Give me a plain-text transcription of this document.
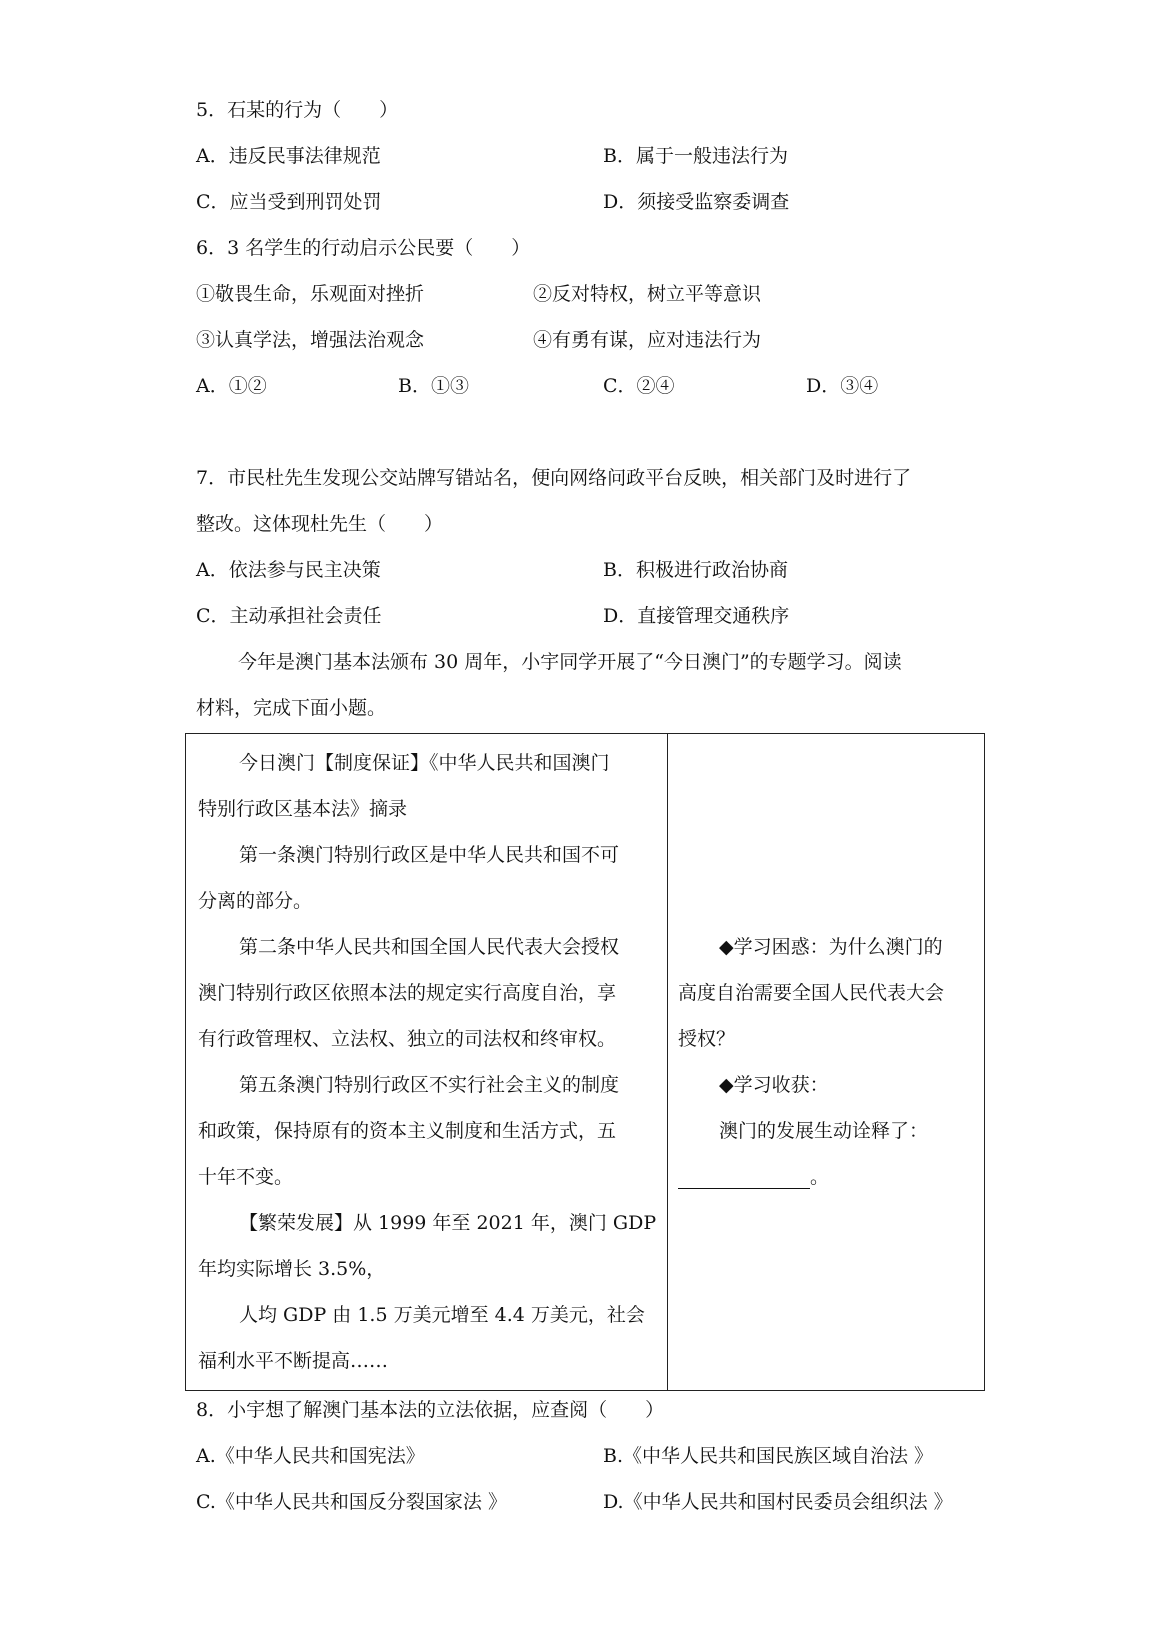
5．石某的行为（　　）
A．违反民事法律规范	B．属于一般违法行为
C．应当受到刑罚处罚	D．须接受监察委调查
6．3 名学生的行动启示公民要（　　）
①敬畏生命，乐观面对挫折	②反对特权，树立平等意识
③认真学法，增强法治观念	④有勇有谋，应对违法行为
A．①②	B．①③	C．②④	D．③④
7．市民杜先生发现公交站牌写错站名，便向网络问政平台反映，相关部门及时进行了
整改。这体现杜先生（　　）
A．依法参与民主决策	B．积极进行政治协商
C．主动承担社会责任	D．直接管理交通秩序
今年是澳门基本法颁布 30 周年，小宇同学开展了“今日澳门”的专题学习。阅读
材料，完成下面小题。
今日澳门【制度保证】《中华人民共和国澳门
特别行政区基本法》摘录
第一条澳门特别行政区是中华人民共和国不可
分离的部分。
第二条中华人民共和国全国人民代表大会授权
澳门特别行政区依照本法的规定实行高度自治，享
有行政管理权、立法权、独立的司法权和终审权。
第五条澳门特别行政区不实行社会主义的制度
和政策，保持原有的资本主义制度和生活方式，五
十年不变。
【繁荣发展】从 1999 年至 2021 年，澳门 GDP
年均实际增长 3.5%，
人均 GDP 由 1.5 万美元增至 4.4 万美元，社会
福利水平不断提高……
◆学习困惑：为什么澳门的
高度自治需要全国人民代表大会
授权？
◆学习收获：
澳门的发展生动诠释了：
。
8．小宇想了解澳门基本法的立法依据，应查阅（　　）
A.《中华人民共和国宪法》	B.《中华人民共和国民族区域自治法 》
C.《中华人民共和国反分裂国家法 》	D.《中华人民共和国村民委员会组织法 》
